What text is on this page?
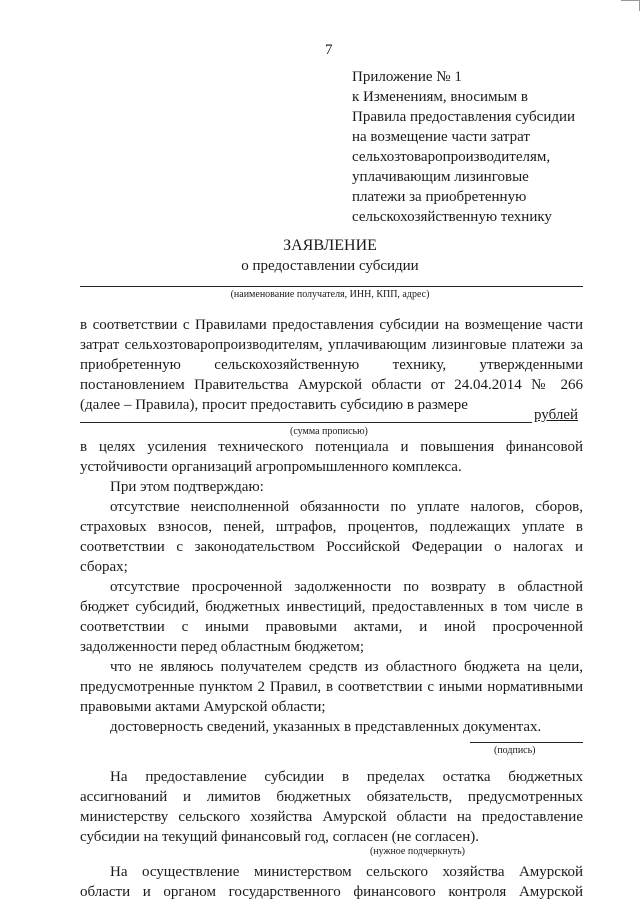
7
Приложение № 1
к Изменениям, вносимым в
Правила предоставления субсидии
на возмещение части затрат
сельхозтоваропроизводителям,
уплачивающим лизинговые
платежи за приобретенную
сельскохозяйственную технику
ЗАЯВЛЕНИЕ
о предоставлении субсидии
(наименование получателя, ИНН, КПП, адрес)
в соответствии с Правилами предоставления субсидии на возмещение части
затрат сельхозтоваропроизводителям, уплачивающим лизинговые платежи за
приобретенную сельскохозяйственную технику, утвержденными
постановлением Правительства Амурской области от 24.04.2014 № 266
(далее – Правила), просит предоставить субсидию в размере
рублей
(сумма прописью)
в целях усиления технического потенциала и повышения финансовой
устойчивости организаций агропромышленного комплекса.
При этом подтверждаю:
отсутствие неисполненной обязанности по уплате налогов, сборов,
страховых взносов, пеней, штрафов, процентов, подлежащих уплате в
соответствии с законодательством Российской Федерации о налогах и
сборах;
отсутствие просроченной задолженности по возврату в областной
бюджет субсидий, бюджетных инвестиций, предоставленных в том числе в
соответствии с иными правовыми актами, и иной просроченной
задолженности перед областным бюджетом;
что не являюсь получателем средств из областного бюджета на цели,
предусмотренные пунктом 2 Правил, в соответствии с иными нормативными
правовыми актами Амурской области;
достоверность сведений, указанных в представленных документах.
(подпись)
На предоставление субсидии в пределах остатка бюджетных
ассигнований и лимитов бюджетных обязательств, предусмотренных
министерству сельского хозяйства Амурской области на предоставление
субсидии на текущий финансовый год, согласен (не согласен).
(нужное подчеркнуть)
На осуществление министерством сельского хозяйства Амурской
области и органом государственного финансового контроля Амурской
